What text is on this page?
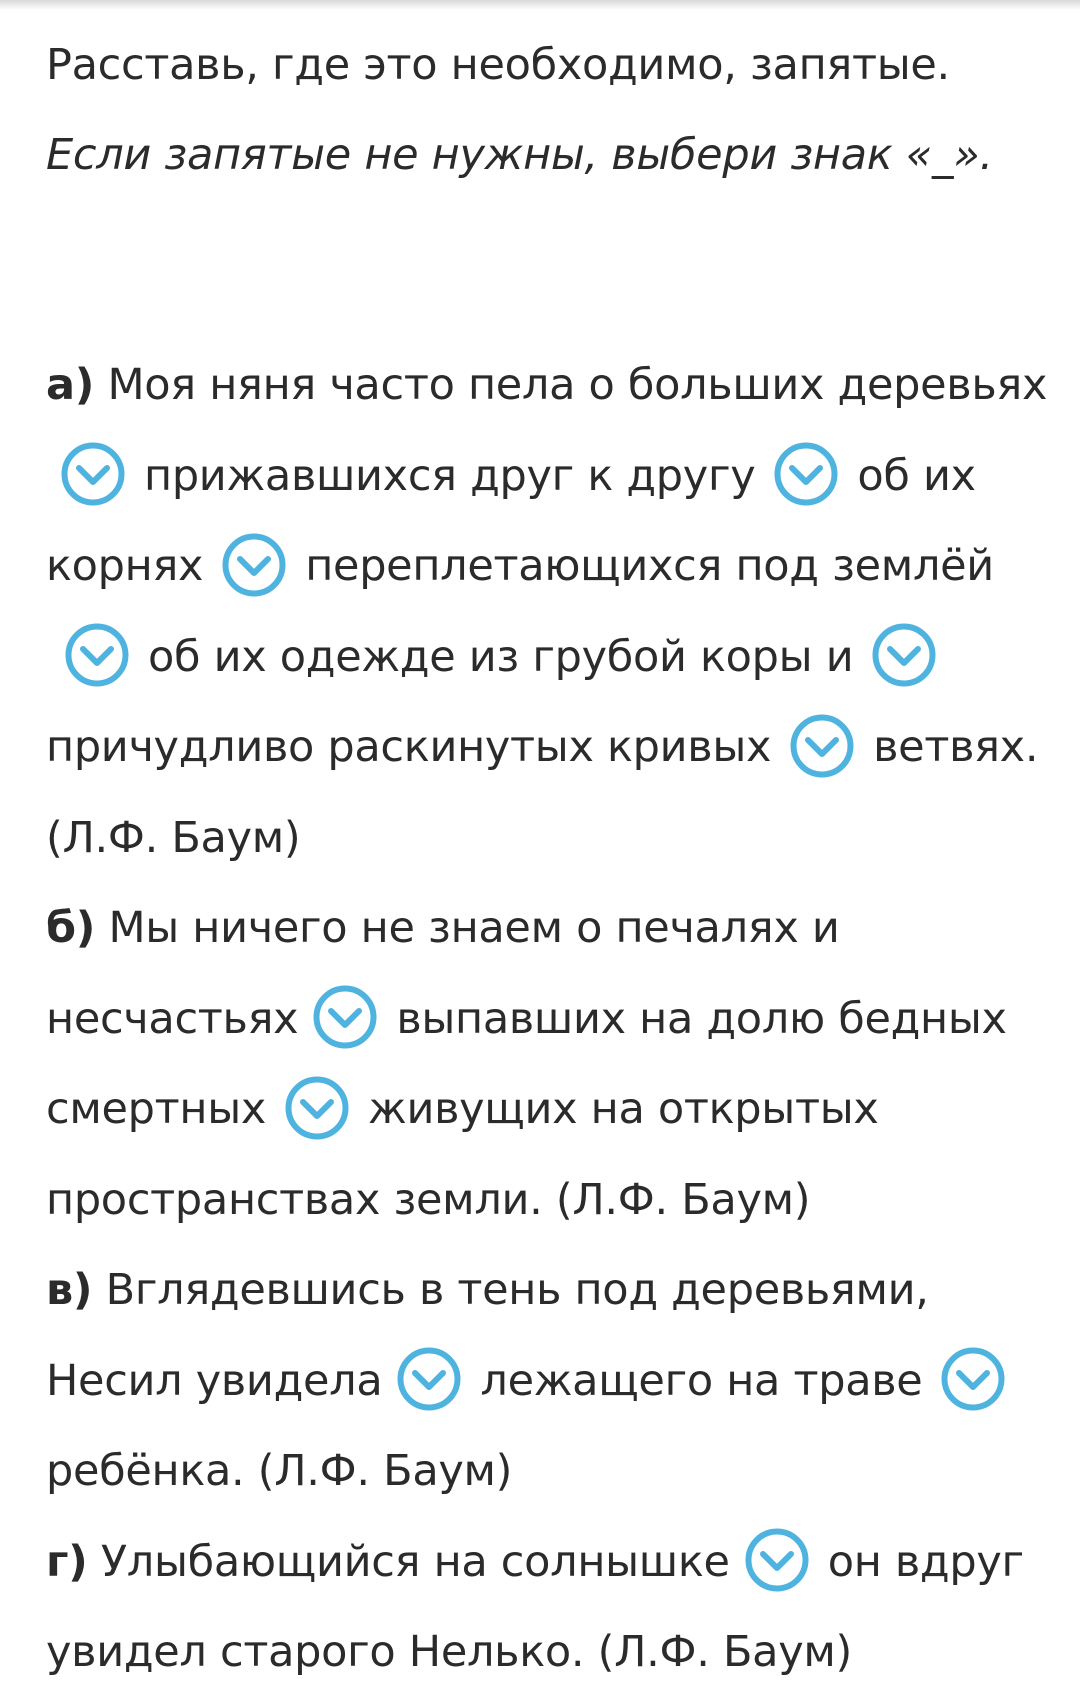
Расставь, где это необходимо, запятые. Если запятые не нужны, выбери знак «_».

а) Моя няня часто пела о больших деревьях
прижавшихся друг к другу об их корнях переплетающихся под землёй
об их одежде из грубой коры и
причудливо раскинутых кривых ветвях. (Л.Ф. Баум)

б) Мы ничего не знаем о печалях и несчастьях выпавших на долю бедных смертных живущих на открытых пространствах земли. (Л.Ф. Баум)

в) Вглядевшись в тень под деревьями, Несил увидела лежащего на траве
ребёнка. (Л.Ф. Баум)

г) Улыбающийся на солнышке он вдруг увидел старого Нелько. (Л.Ф. Баум)
